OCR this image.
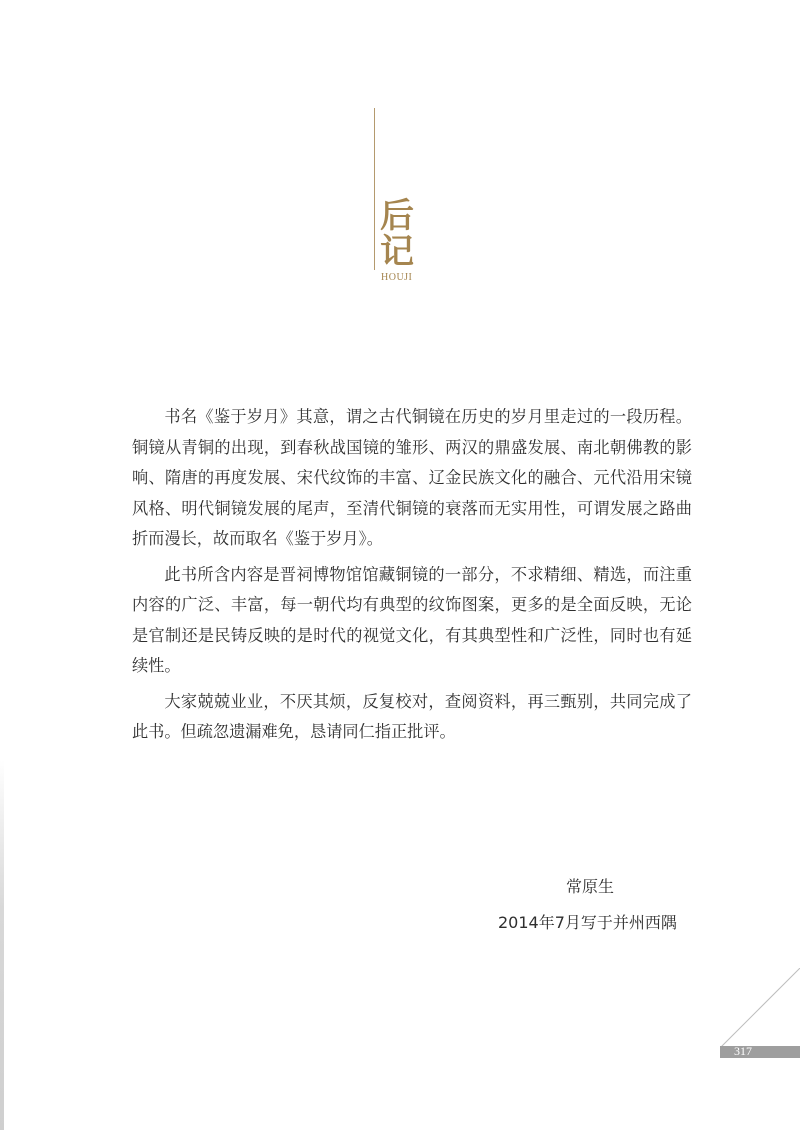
后
记
HOUJI

书名《鉴于岁月》其意，谓之古代铜镜在历史的岁月里走过的一段历程。铜镜从青铜的出现，到春秋战国镜的雏形、两汉的鼎盛发展、南北朝佛教的影响、隋唐的再度发展、宋代纹饰的丰富、辽金民族文化的融合、元代沿用宋镜风格、明代铜镜发展的尾声，至清代铜镜的衰落而无实用性，可谓发展之路曲折而漫长，故而取名《鉴于岁月》。

此书所含内容是晋祠博物馆馆藏铜镜的一部分，不求精细、精选，而注重内容的广泛、丰富，每一朝代均有典型的纹饰图案，更多的是全面反映，无论是官制还是民铸反映的是时代的视觉文化，有其典型性和广泛性，同时也有延续性。

大家兢兢业业，不厌其烦，反复校对，查阅资料，再三甄别，共同完成了此书。但疏忽遗漏难免，恳请同仁指正批评。

常原生
2014年7月写于并州西隅
317
